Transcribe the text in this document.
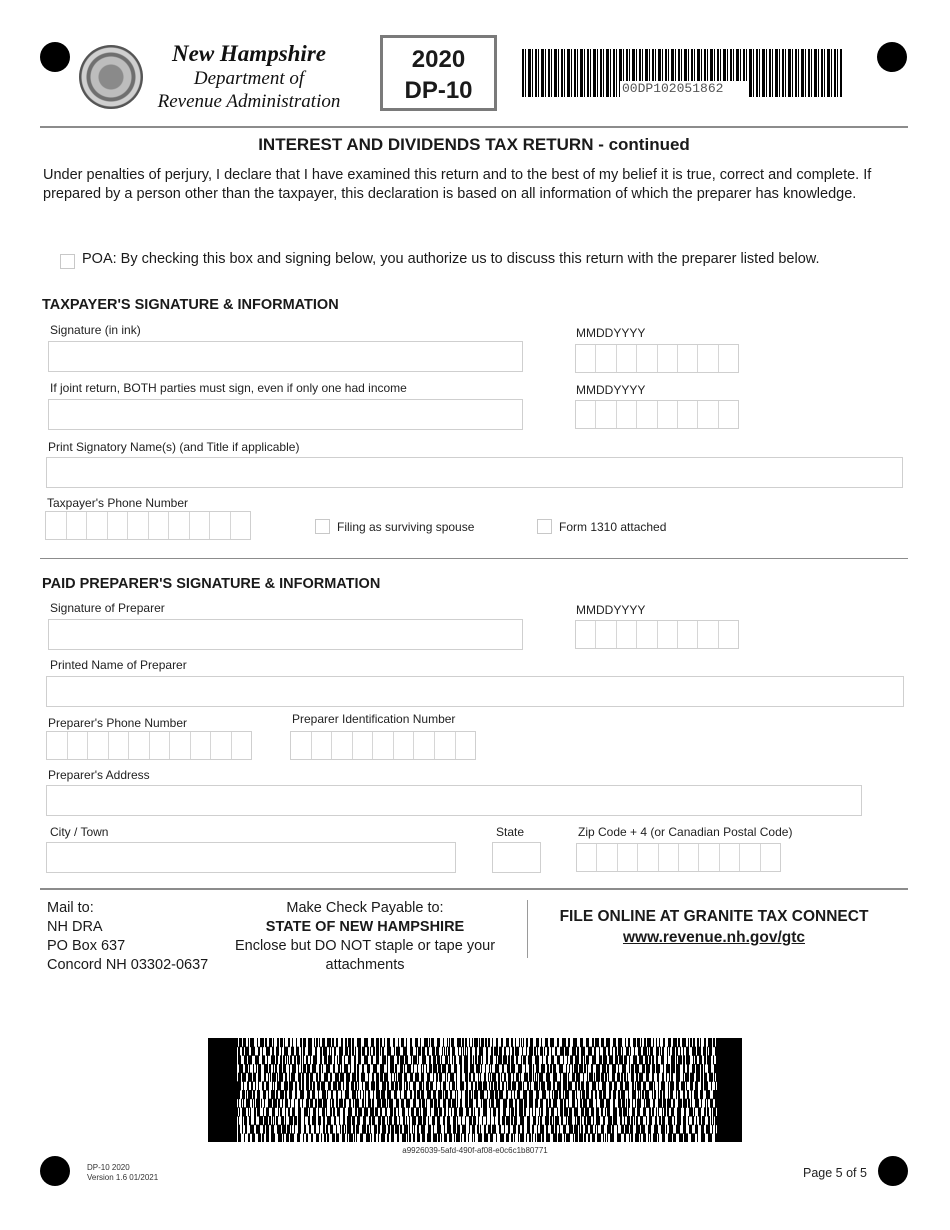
New Hampshire
Department of
Revenue Administration
2020
DP-10	00DP102051862
INTEREST AND DIVIDENDS TAX RETURN - continued
Under penalties of perjury, I declare that I have examined this return and to the best of my belief it is true, correct and complete. If prepared by a person other than the taxpayer, this declaration is based on all information of which the preparer has knowledge.
POA: By checking this box and signing below, you authorize us to discuss this return with the preparer listed below.
TAXPAYER'S SIGNATURE & INFORMATION
Signature (in ink)	MMDDYYYY
If joint return, BOTH parties must sign, even if only one had income	MMDDYYYY
Print Signatory Name(s) (and Title if applicable)
Taxpayer's Phone Number
Filing as surviving spouse	Form 1310 attached
PAID PREPARER'S SIGNATURE & INFORMATION
Signature of Preparer	MMDDYYYY
Printed Name of Preparer
Preparer's Phone Number	Preparer Identification Number
Preparer's Address
City / Town	State	Zip Code + 4 (or Canadian Postal Code)
Mail to:
NH DRA
PO Box 637
Concord NH 03302-0637
Make Check Payable to:
STATE OF NEW HAMPSHIRE
Enclose but DO NOT staple or tape your
attachments
FILE ONLINE AT GRANITE TAX CONNECT
www.revenue.nh.gov/gtc
a9926039-5afd-490f-af08-e0c6c1b80771
DP-10 2020
Version 1.6 01/2021	Page 5 of 5
